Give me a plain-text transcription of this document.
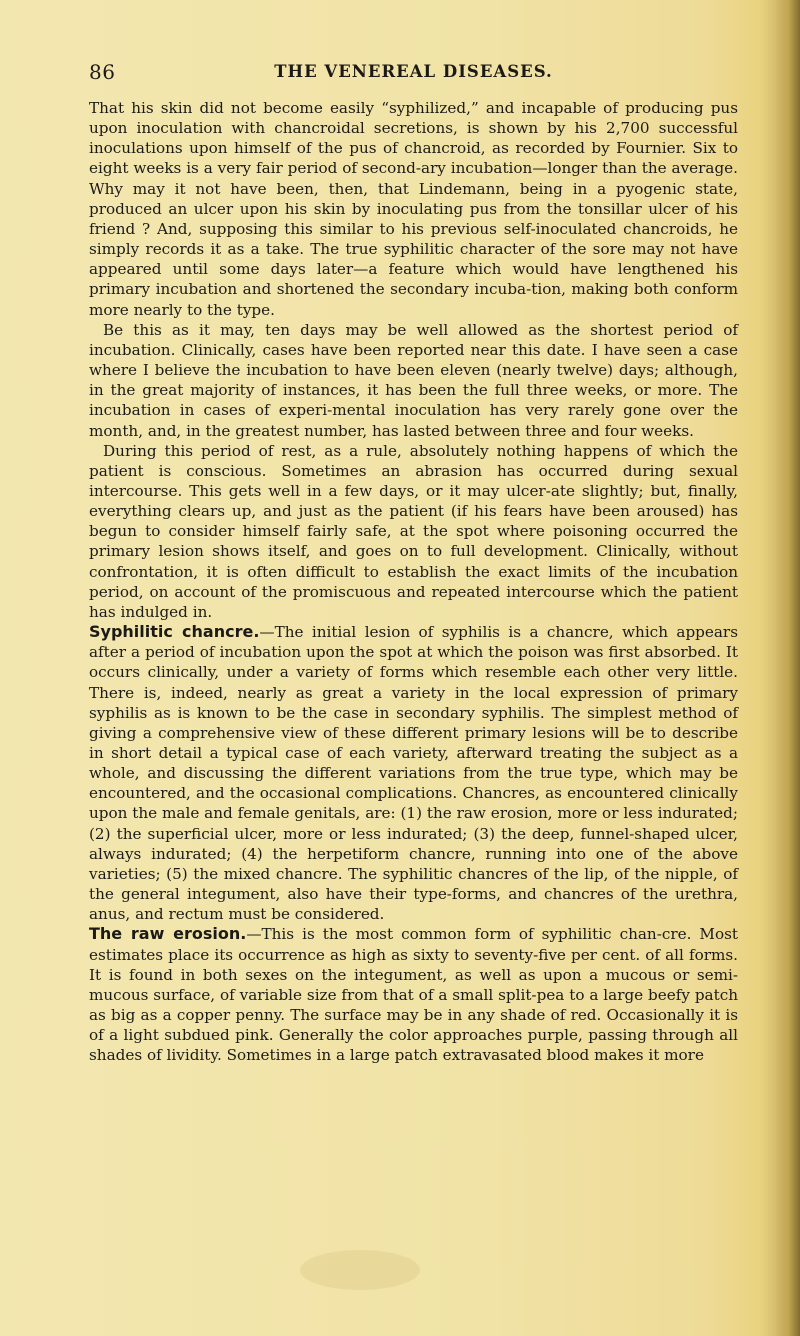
86	THE VENEREAL DISEASES.

That his skin did not become easily “syphilized,” and incapable of producing pus upon inoculation with chancroidal secretions, is shown by his 2,700 successful inoculations upon himself of the pus of chancroid, as recorded by Fournier. Six to eight weeks is a very fair period of second-ary incubation—longer than the average. Why may it not have been, then, that Lindemann, being in a pyogenic state, produced an ulcer upon his skin by inoculating pus from the tonsillar ulcer of his friend ? And, supposing this similar to his previous self-inoculated chancroids, he simply records it as a take. The true syphilitic character of the sore may not have appeared until some days later—a feature which would have lengthened his primary incubation and shortened the secondary incuba-tion, making both conform more nearly to the type.

Be this as it may, ten days may be well allowed as the shortest period of incubation. Clinically, cases have been reported near this date. I have seen a case where I believe the incubation to have been eleven (nearly twelve) days; although, in the great majority of instances, it has been the full three weeks, or more. The incubation in cases of experi-mental inoculation has very rarely gone over the month, and, in the greatest number, has lasted between three and four weeks.

During this period of rest, as a rule, absolutely nothing happens of which the patient is conscious. Sometimes an abrasion has occurred during sexual intercourse. This gets well in a few days, or it may ulcer-ate slightly; but, finally, everything clears up, and just as the patient (if his fears have been aroused) has begun to consider himself fairly safe, at the spot where poisoning occurred the primary lesion shows itself, and goes on to full development. Clinically, without confrontation, it is often difficult to establish the exact limits of the incubation period, on account of the promiscuous and repeated intercourse which the patient has indulged in.

Syphilitic chancre.—The initial lesion of syphilis is a chancre, which appears after a period of incubation upon the spot at which the poison was first absorbed. It occurs clinically, under a variety of forms which resemble each other very little. There is, indeed, nearly as great a variety in the local expression of primary syphilis as is known to be the case in secondary syphilis. The simplest method of giving a comprehensive view of these different primary lesions will be to describe in short detail a typical case of each variety, afterward treating the subject as a whole, and discussing the different variations from the true type, which may be encountered, and the occasional complications. Chancres, as encountered clinically upon the male and female genitals, are: (1) the raw erosion, more or less indurated; (2) the superficial ulcer, more or less indurated; (3) the deep, funnel-shaped ulcer, always indurated; (4) the herpetiform chancre, running into one of the above varieties; (5) the mixed chancre. The syphilitic chancres of the lip, of the nipple, of the general integument, also have their type-forms, and chancres of the urethra, anus, and rectum must be considered.

The raw erosion.—This is the most common form of syphilitic chan-cre. Most estimates place its occurrence as high as sixty to seventy-five per cent. of all forms. It is found in both sexes on the integument, as well as upon a mucous or semi-mucous surface, of variable size from that of a small split-pea to a large beefy patch as big as a copper penny. The surface may be in any shade of red. Occasionally it is of a light subdued pink. Generally the color approaches purple, passing through all shades of lividity. Sometimes in a large patch extravasated blood makes it more
